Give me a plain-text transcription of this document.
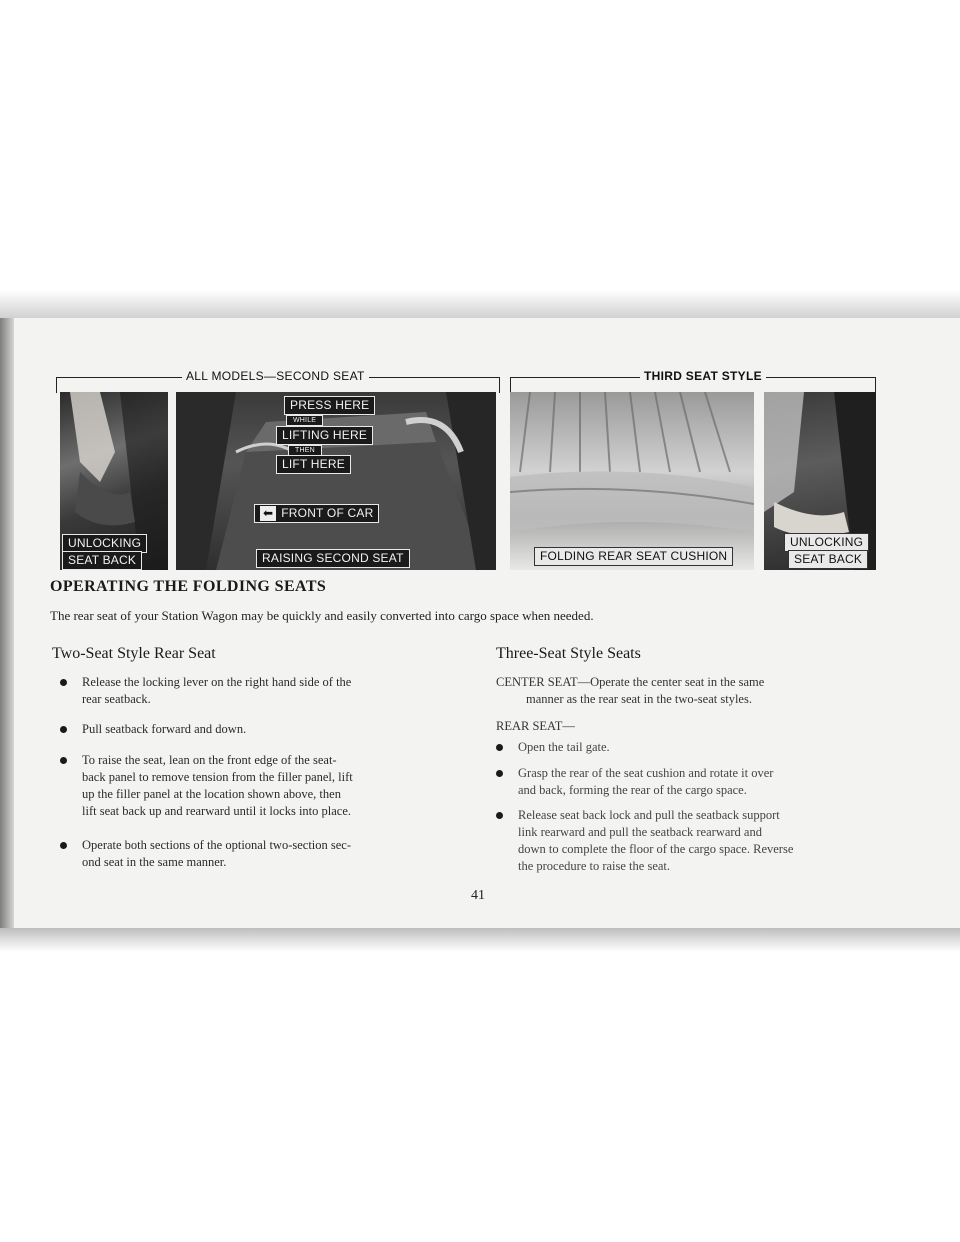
ALL MODELS—SECOND SEAT	THIRD SEAT STYLE
UNLOCKING
SEAT BACK
PRESS HERE
WHILE
LIFTING HERE
THEN
LIFT HERE
⬅ FRONT OF CAR
RAISING SECOND SEAT	FOLDING REAR SEAT CUSHION
UNLOCKING
SEAT BACK
OPERATING THE FOLDING SEATS
The rear seat of your Station Wagon may be quickly and easily converted into cargo space when needed.
Two-Seat Style Rear Seat
Release the locking lever on the right hand side of the
rear seatback.
Pull seatback forward and down.
To raise the seat, lean on the front edge of the seat-
back panel to remove tension from the filler panel, lift
up the filler panel at the location shown above, then
lift seat back up and rearward until it locks into place.
Operate both sections of the optional two-section sec-
ond seat in the same manner.
Three-Seat Style Seats
CENTER SEAT—Operate the center seat in the same
manner as the rear seat in the two-seat styles.
REAR SEAT—
Open the tail gate.
Grasp the rear of the seat cushion and rotate it over
and back, forming the rear of the cargo space.
Release seat back lock and pull the seatback support
link rearward and pull the seatback rearward and
down to complete the floor of the cargo space. Reverse
the procedure to raise the seat.
41
